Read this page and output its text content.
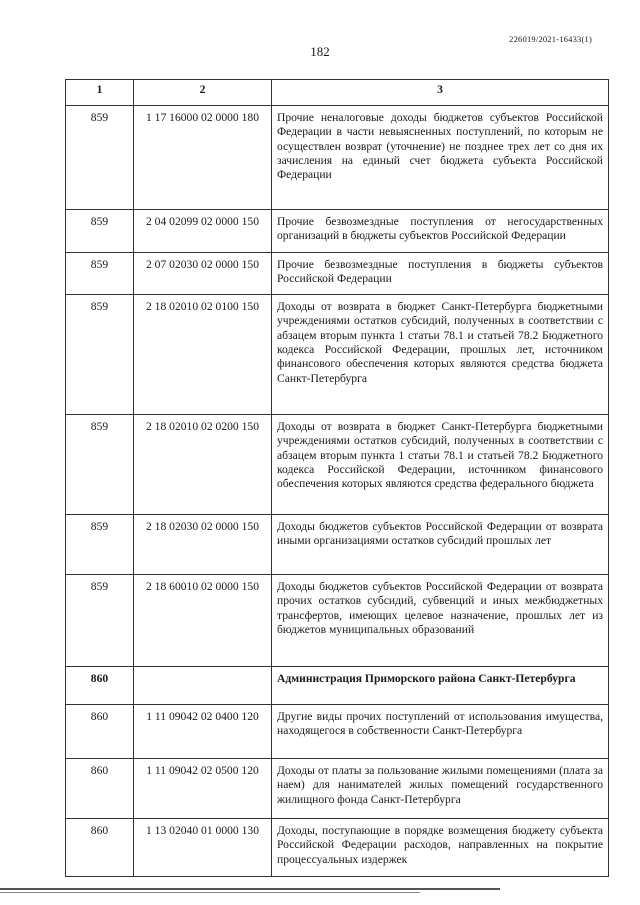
226019/2021-16433(1)
182
1	2	3
859	1 17 16000 02 0000 180	Прочие неналоговые доходы бюджетов субъектов Российской Федерации в части невыясненных поступлений, по которым не осуществлен возврат (уточнение) не позднее трех лет со дня их зачисления на единый счет бюджета субъекта Российской Федерации
859	2 04 02099 02 0000 150	Прочие безвозмездные поступления от негосударственных организаций в бюджеты субъектов Российской Федерации
859	2 07 02030 02 0000 150	Прочие безвозмездные поступления в бюджеты субъектов Российской Федерации
859	2 18 02010 02 0100 150	Доходы от возврата в бюджет Санкт-Петербурга бюджетными учреждениями остатков субсидий, полученных в соответствии с абзацем вторым пункта 1 статьи 78.1 и статьей 78.2 Бюджетного кодекса Российской Федерации, прошлых лет, источником финансового обеспечения которых являются средства бюджета Санкт-Петербурга
859	2 18 02010 02 0200 150	Доходы от возврата в бюджет Санкт-Петербурга бюджетными учреждениями остатков субсидий, полученных в соответствии с абзацем вторым пункта 1 статьи 78.1 и статьей 78.2 Бюджетного кодекса Российской Федерации, источником финансового обеспечения которых являются средства федерального бюджета
859	2 18 02030 02 0000 150	Доходы бюджетов субъектов Российской Федерации от возврата иными организациями остатков субсидий прошлых лет
859	2 18 60010 02 0000 150	Доходы бюджетов субъектов Российской Федерации от возврата прочих остатков субсидий, субвенций и иных межбюджетных трансфертов, имеющих целевое назначение, прошлых лет из бюджетов муниципальных образований
860		Администрация Приморского района Санкт-Петербурга
860	1 11 09042 02 0400 120	Другие виды прочих поступлений от использования имущества, находящегося в собственности Санкт-Петербурга
860	1 11 09042 02 0500 120	Доходы от платы за пользование жилыми помещениями (плата за наем) для нанимателей жилых помещений государственного жилищного фонда Санкт-Петербурга
860	1 13 02040 01 0000 130	Доходы, поступающие в порядке возмещения бюджету субъекта Российской Федерации расходов, направленных на покрытие процессуальных издержек
